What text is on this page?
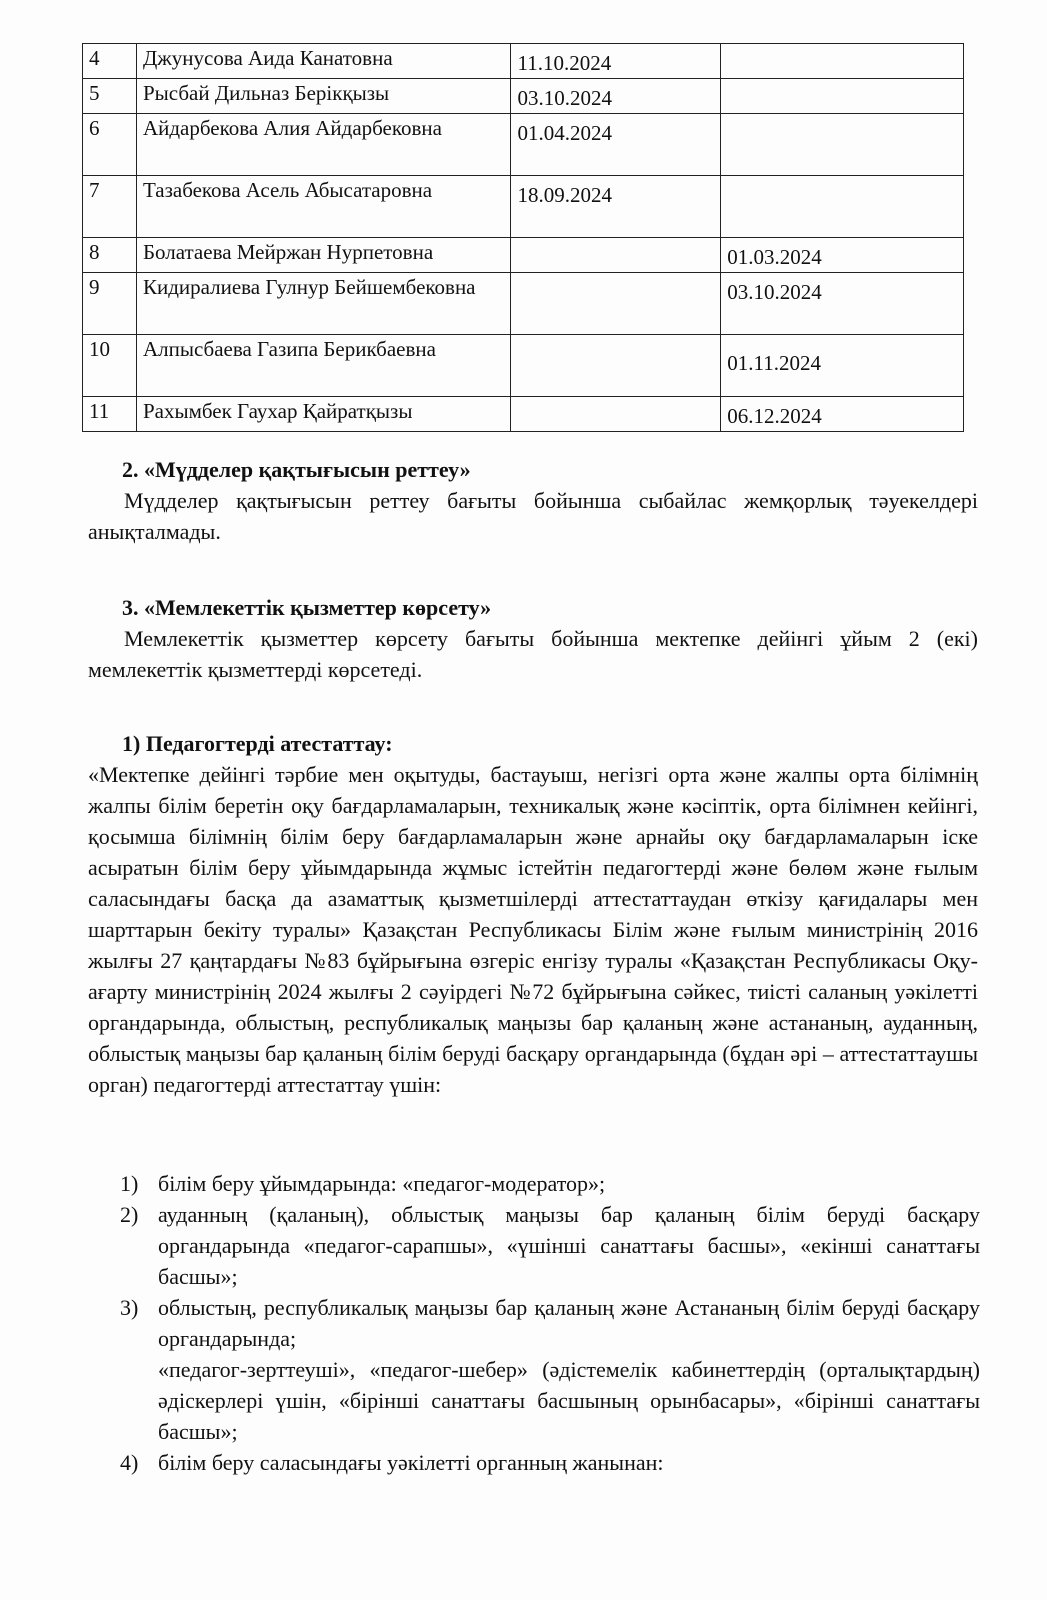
4	Джунусова Аида Канатовна	11.10.2024	

5	Рысбай Дильназ Берікқызы	03.10.2024	

6	Айдарбекова Алия Айдарбековна	01.04.2024	

7	Тазабекова Асель Абысатаровна	18.09.2024	

8	Болатаева Мейржан Нурпетовна		01.03.2024

9	Кидиралиева Гулнур Бейшембековна		03.10.2024

10	Алпысбаева Газипа Берикбаевна		01.11.2024

11	Рахымбек Гаухар Қайратқызы		06.12.2024
2. «Мүдделер қақтығысын реттеу»
Мүдделер қақтығысын реттеу бағыты бойынша сыбайлас жемқорлық тәуекелдері анықталмады.
3. «Мемлекеттік қызметтер көрсету»
Мемлекеттік қызметтер көрсету бағыты бойынша мектепке дейінгі ұйым 2 (екі) мемлекеттік қызметтерді көрсетеді.
1) Педагогтерді атестаттау:
«Мектепке дейінгі тәрбие мен оқытуды, бастауыш, негізгі орта және жалпы орта білімнің жалпы білім беретін оқу бағдарламаларын, техникалық және кәсіптік, орта білімнен кейінгі, қосымша білімнің білім беру бағдарламаларын және арнайы оқу бағдарламаларын іске асыратын білім беру ұйымдарында жұмыс істейтін педагогтерді және бөлөм және ғылым саласындағы басқа да азаматтық қызметшілерді аттестаттаудан өткізу қағидалары мен шарттарын бекіту туралы» Қазақстан Республикасы Білім және ғылым министрінің 2016 жылғы 27 қаңтардағы №83 бұйрығына өзгеріс енгізу туралы «Қазақстан Республикасы Оқу-ағарту министрінің 2024 жылғы 2 сәуірдегі №72 бұйрығына сәйкес, тиісті саланың уәкілетті органдарында, облыстың, республикалық маңызы бар қаланың және астананың, ауданның, облыстық маңызы бар қаланың білім беруді басқару органдарында (бұдан әрі – аттестаттаушы орган) педагогтерді аттестаттау үшін:
1) білім беру ұйымдарында: «педагог-модератор»;
2) ауданның (қаланың), облыстық маңызы бар қаланың білім беруді басқару органдарында «педагог-сарапшы», «үшінші санаттағы басшы», «екінші санаттағы басшы»;
3) облыстың, республикалық маңызы бар қаланың және Астананың білім беруді басқару органдарында;
«педагог-зерттеуші», «педагог-шебер» (әдістемелік кабинеттердің (орталықтардың) әдіскерлері үшін, «бірінші санаттағы басшының орынбасары», «бірінші санаттағы басшы»;
4) білім беру саласындағы уәкілетті органның жанынан:
